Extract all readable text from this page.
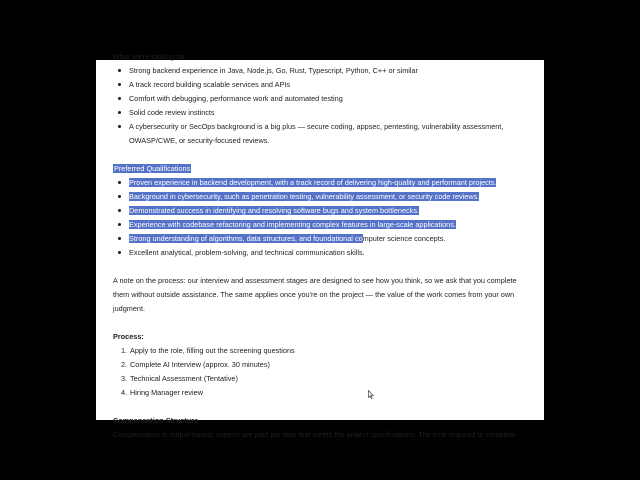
What we're looking for
Strong backend experience in Java, Node.js, Go, Rust, Typescript, Python, C++ or similar
A track record building scalable services and APIs
Comfort with debugging, performance work and automated testing
Solid code review instincts
A cybersecurity or SecOps background is a big plus — secure coding, appsec, pentesting, vulnerability assessment, OWASP/CWE, or security-focused reviews.
Preferred Qualifications
Proven experience in backend development, with a track record of delivering high-quality and performant projects.
Background in cybersecurity, such as penetration testing, vulnerability assessment, or security code reviews.
Demonstrated success in identifying and resolving software bugs and system bottlenecks.
Experience with codebase refactoring and implementing complex features in large-scale applications.
Strong understanding of algorithms, data structures, and foundational computer science concepts.
Excellent analytical, problem-solving, and technical communication skills.

A note on the process: our interview and assessment stages are designed to see how you think, so we ask that you complete them without outside assistance. The same applies once you're on the project — the value of the work comes from your own judgment.

Process:
1. Apply to the role, filling out the screening questions
2. Complete AI Interview (approx. 30 minutes)
3. Technical Assessment (Tentative)
4. Hiring Manager review
Compensation Structure

Compensation is output-based; experts are paid per task that meets the project specifications. The time required to complete
